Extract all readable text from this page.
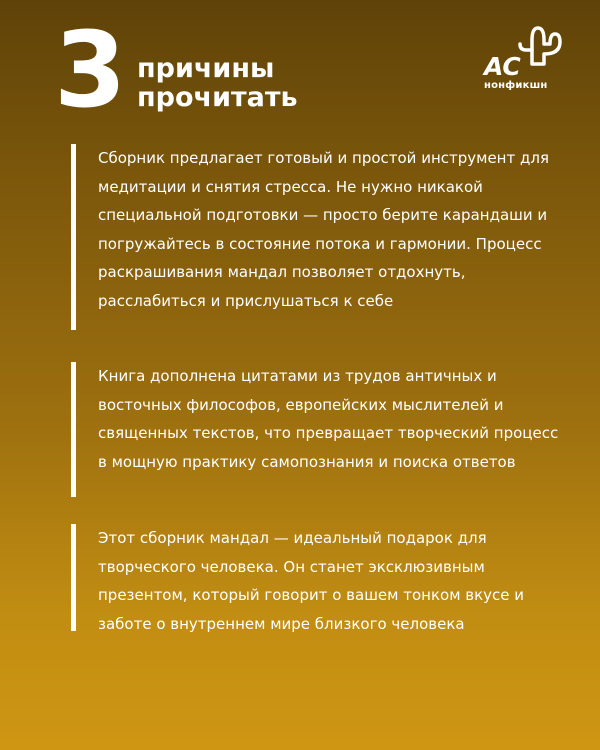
3 причины
прочитать
АС
нонфикшн

Сборник предлагает готовый и простой инструмент для медитации и снятия стресса. Не нужно никакой специальной подготовки — просто берите карандаши и погружайтесь в состояние потока и гармонии. Процесс раскрашивания мандал позволяет отдохнуть, расслабиться и прислушаться к себе

Книга дополнена цитатами из трудов античных и восточных философов, европейских мыслителей и священных текстов, что превращает творческий процесс в мощную практику самопознания и поиска ответов

Этот сборник мандал — идеальный подарок для творческого человека. Он станет эксклюзивным презентом, который говорит о вашем тонком вкусе и заботе о внутреннем мире близкого человека
